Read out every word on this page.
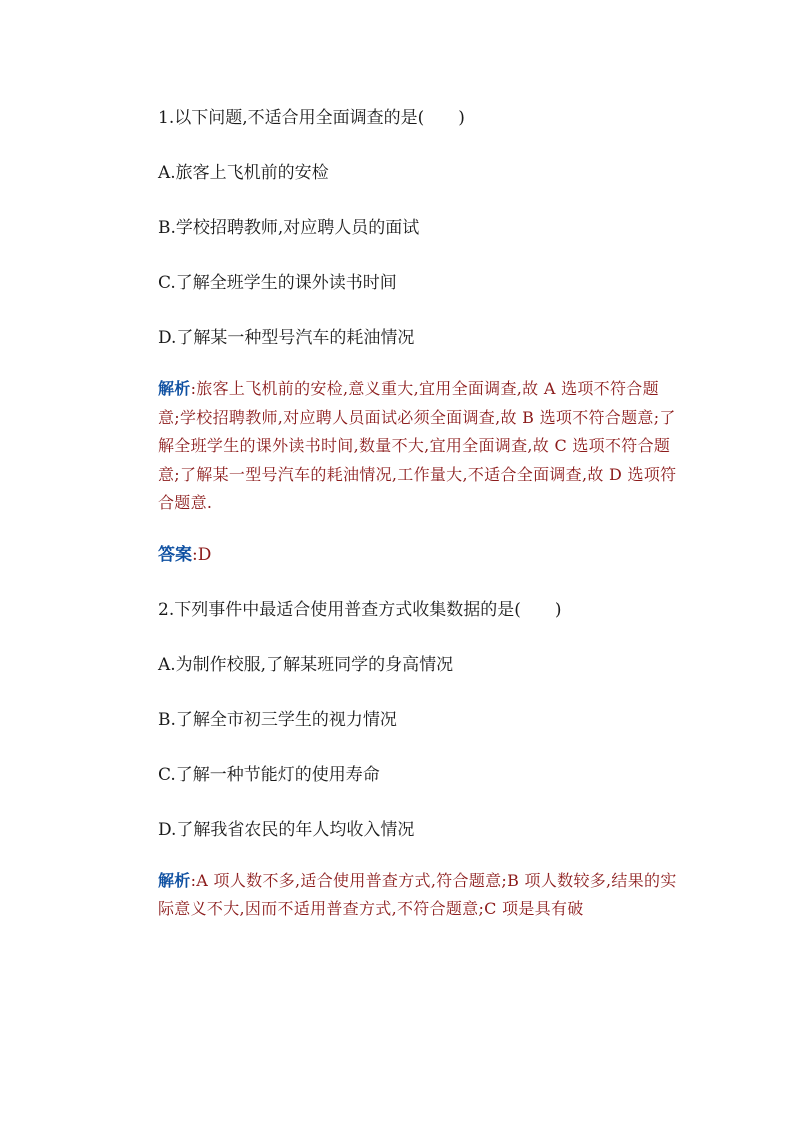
1.以下问题,不适合用全面调查的是(　　)

A.旅客上飞机前的安检

B.学校招聘教师,对应聘人员的面试

C.了解全班学生的课外读书时间

D.了解某一种型号汽车的耗油情况

解析:旅客上飞机前的安检,意义重大,宜用全面调查,故 A 选项不符合题意;学校招聘教师,对应聘人员面试必须全面调查,故 B 选项不符合题意;了解全班学生的课外读书时间,数量不大,宜用全面调查,故 C 选项不符合题意;了解某一型号汽车的耗油情况,工作量大,不适合全面调查,故 D 选项符合题意.

答案:D

2.下列事件中最适合使用普查方式收集数据的是(　　)

A.为制作校服,了解某班同学的身高情况

B.了解全市初三学生的视力情况

C.了解一种节能灯的使用寿命

D.了解我省农民的年人均收入情况

解析:A 项人数不多,适合使用普查方式,符合题意;B 项人数较多,结果的实际意义不大,因而不适用普查方式,不符合题意;C 项是具有破
